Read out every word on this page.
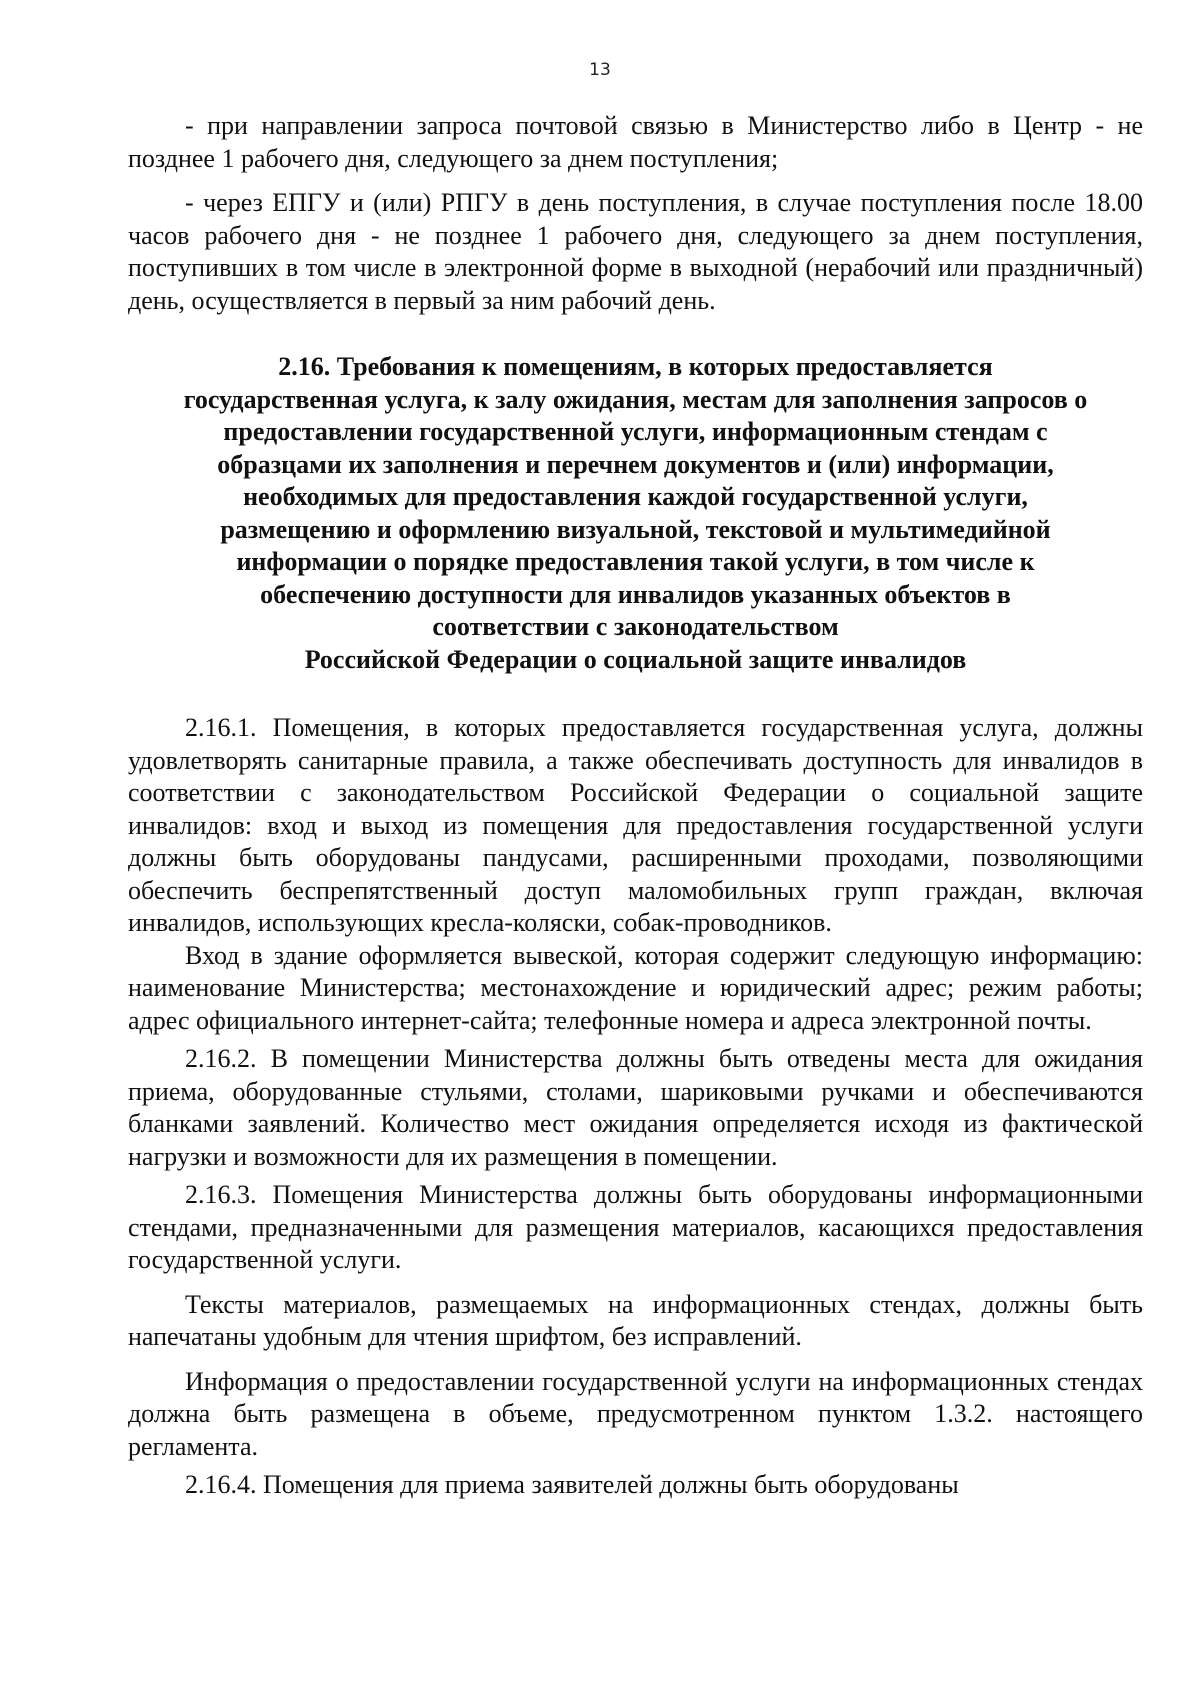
13

- при направлении запроса почтовой связью в Министерство либо в Центр - не позднее 1 рабочего дня, следующего за днем поступления;

- через ЕПГУ и (или) РПГУ в день поступления, в случае поступления после 18.00 часов рабочего дня - не позднее 1 рабочего дня, следующего за днем поступления, поступивших в том числе в электронной форме в выходной (нерабочий или праздничный) день, осуществляется в первый за ним рабочий день.

2.16. Требования к помещениям, в которых предоставляется
государственная услуга, к залу ожидания, местам для заполнения запросов о
предоставлении государственной услуги, информационным стендам с
образцами их заполнения и перечнем документов и (или) информации,
необходимых для предоставления каждой государственной услуги,
размещению и оформлению визуальной, текстовой и мультимедийной
информации о порядке предоставления такой услуги, в том числе к
обеспечению доступности для инвалидов указанных объектов в
соответствии с законодательством
Российской Федерации о социальной защите инвалидов

2.16.1. Помещения, в которых предоставляется государственная услуга, должны удовлетворять санитарные правила, а также обеспечивать доступность для инвалидов в соответствии с законодательством Российской Федерации о социальной защите инвалидов: вход и выход из помещения для предоставления государственной услуги должны быть оборудованы пандусами, расширенными проходами, позволяющими обеспечить беспрепятственный доступ маломобильных групп граждан, включая инвалидов, использующих кресла-коляски, собак-проводников.

Вход в здание оформляется вывеской, которая содержит следующую информацию: наименование Министерства; местонахождение и юридический адрес; режим работы; адрес официального интернет-сайта; телефонные номера и адреса электронной почты.

2.16.2. В помещении Министерства должны быть отведены места для ожидания приема, оборудованные стульями, столами, шариковыми ручками и обеспечиваются бланками заявлений. Количество мест ожидания определяется исходя из фактической нагрузки и возможности для их размещения в помещении.

2.16.3. Помещения Министерства должны быть оборудованы информационными стендами, предназначенными для размещения материалов, касающихся предоставления государственной услуги.

Тексты материалов, размещаемых на информационных стендах, должны быть напечатаны удобным для чтения шрифтом, без исправлений.

Информация о предоставлении государственной услуги на информационных стендах должна быть размещена в объеме, предусмотренном пунктом 1.3.2. настоящего регламента.

2.16.4. Помещения для приема заявителей должны быть оборудованы
